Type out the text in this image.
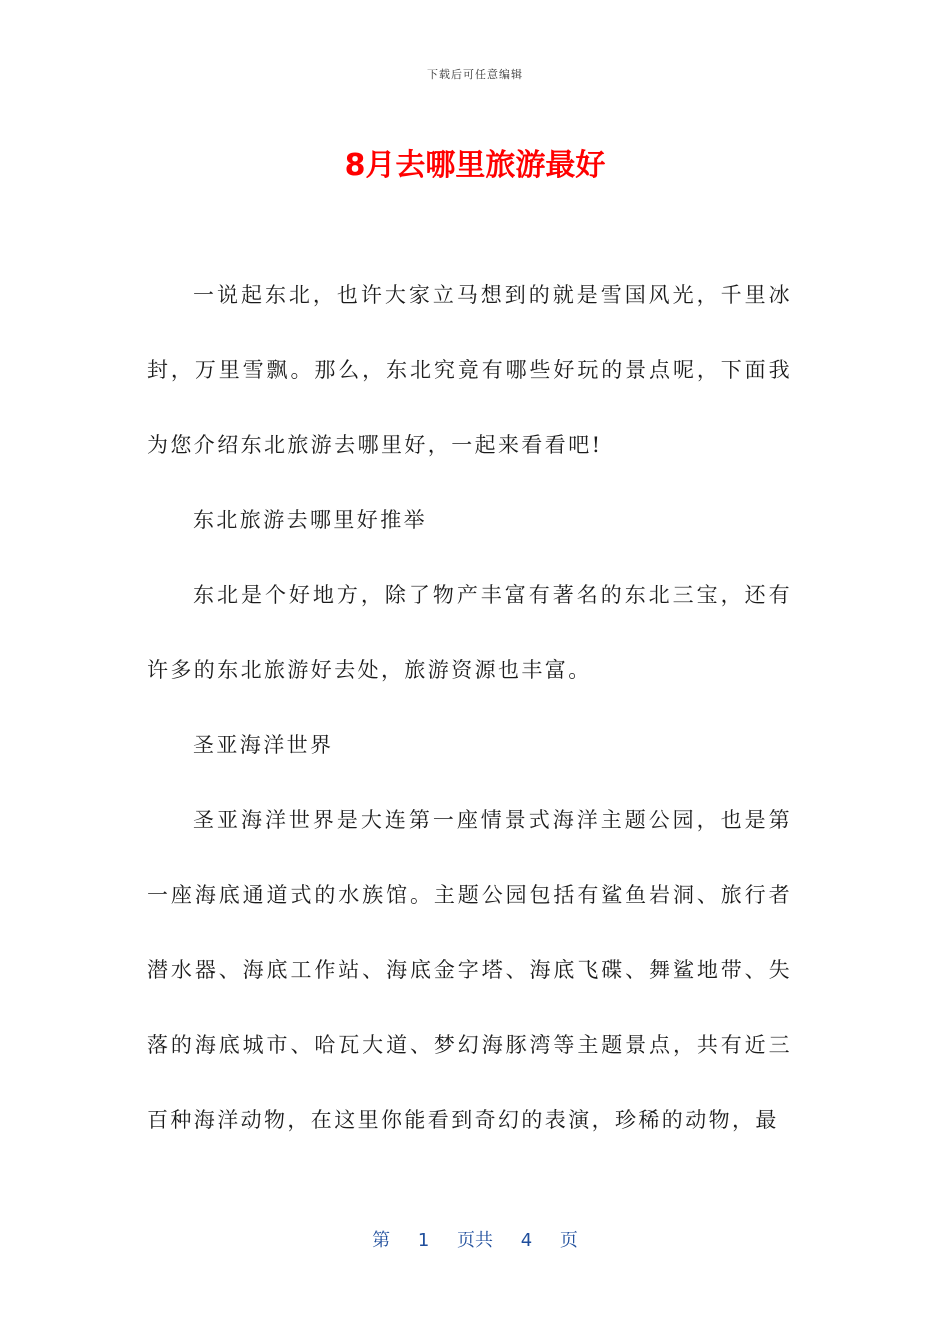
下载后可任意编辑
8月去哪里旅游最好

一说起东北，也许大家立马想到的就是雪国风光，千里冰封，万里雪飘。那么，东北究竟有哪些好玩的景点呢，下面我为您介绍东北旅游去哪里好，一起来看看吧!

东北旅游去哪里好推举

东北是个好地方，除了物产丰富有著名的东北三宝，还有许多的东北旅游好去处，旅游资源也丰富。

圣亚海洋世界

圣亚海洋世界是大连第一座情景式海洋主题公园，也是第一座海底通道式的水族馆。主题公园包括有鲨鱼岩洞、旅行者潜水器、海底工作站、海底金字塔、海底飞碟、舞鲨地带、失落的海底城市、哈瓦大道、梦幻海豚湾等主题景点，共有近三百种海洋动物，在这里你能看到奇幻的表演，珍稀的动物，最

第 1 页共 4 页
